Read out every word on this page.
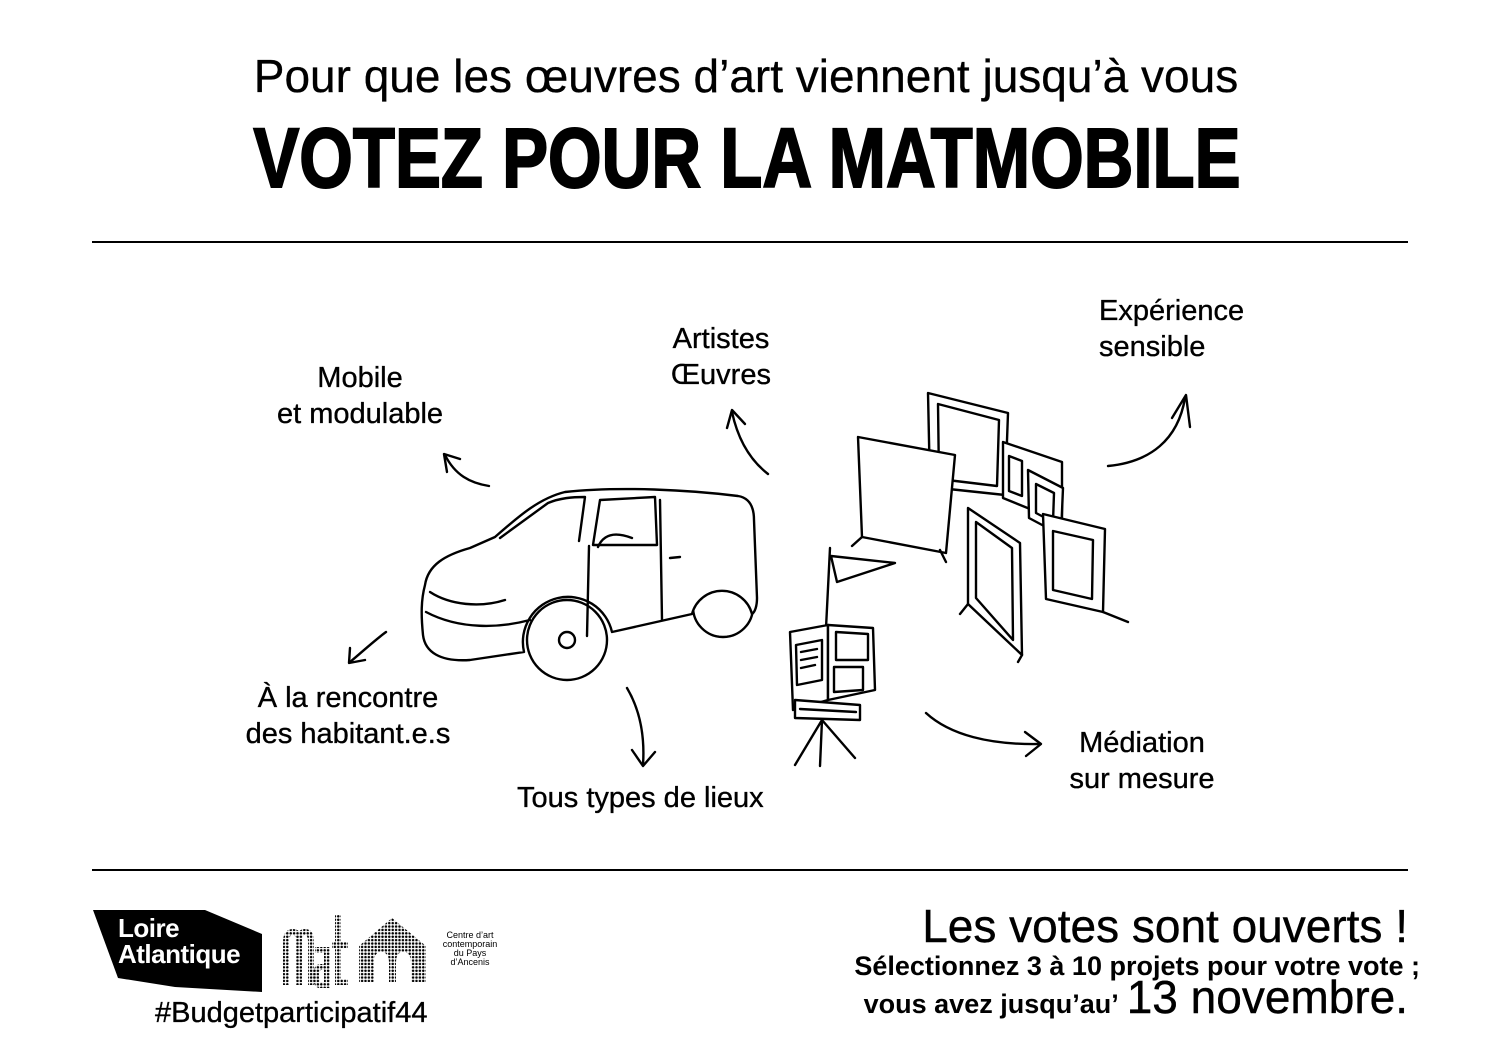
Pour que les œuvres d’art viennent jusqu’à vous
VOTEZ POUR LA MATMOBILE
Mobile
et modulable
Artistes
Œuvres
Expérience
sensible
À la rencontre
des habitant.e.s
Tous types de lieux
Médiation
sur mesure
Loire
Atlantique
Centre d’art
contemporain
du Pays
d’Ancenis
#Budgetparticipatif44
Les votes sont ouverts !
Sélectionnez 3 à 10 projets pour votre vote ;
vous avez jusqu’au’ 13 novembre.
